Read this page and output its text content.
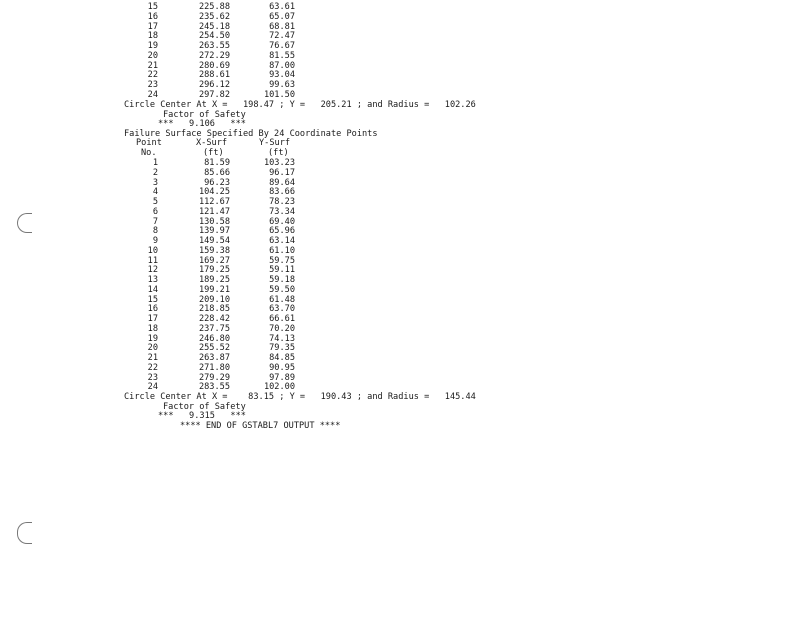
15	225.88	63.61
16	235.62	65.07
17	245.18	68.81
18	254.50	72.47
19	263.55	76.67
20	272.29	81.55
21	280.69	87.00
22	288.61	93.04
23	296.12	99.63
24	297.82	101.50
Circle Center At X =   198.47 ; Y =   205.21 ; and Radius =   102.26
Factor of Safety
***   9.106   ***
Failure Surface Specified By 24 Coordinate Points
Point	X-Surf	Y-Surf
No.	(ft)	(ft)
1	81.59	103.23
2	85.66	96.17
3	96.23	89.64
4	104.25	83.66
5	112.67	78.23
6	121.47	73.34
7	130.58	69.40
8	139.97	65.96
9	149.54	63.14
10	159.38	61.10
11	169.27	59.75
12	179.25	59.11
13	189.25	59.18
14	199.21	59.50
15	209.10	61.48
16	218.85	63.70
17	228.42	66.61
18	237.75	70.20
19	246.80	74.13
20	255.52	79.35
21	263.87	84.85
22	271.80	90.95
23	279.29	97.89
24	283.55	102.00
Circle Center At X =    83.15 ; Y =   190.43 ; and Radius =   145.44
Factor of Safety
***   9.315   ***
**** END OF GSTABL7 OUTPUT ****
